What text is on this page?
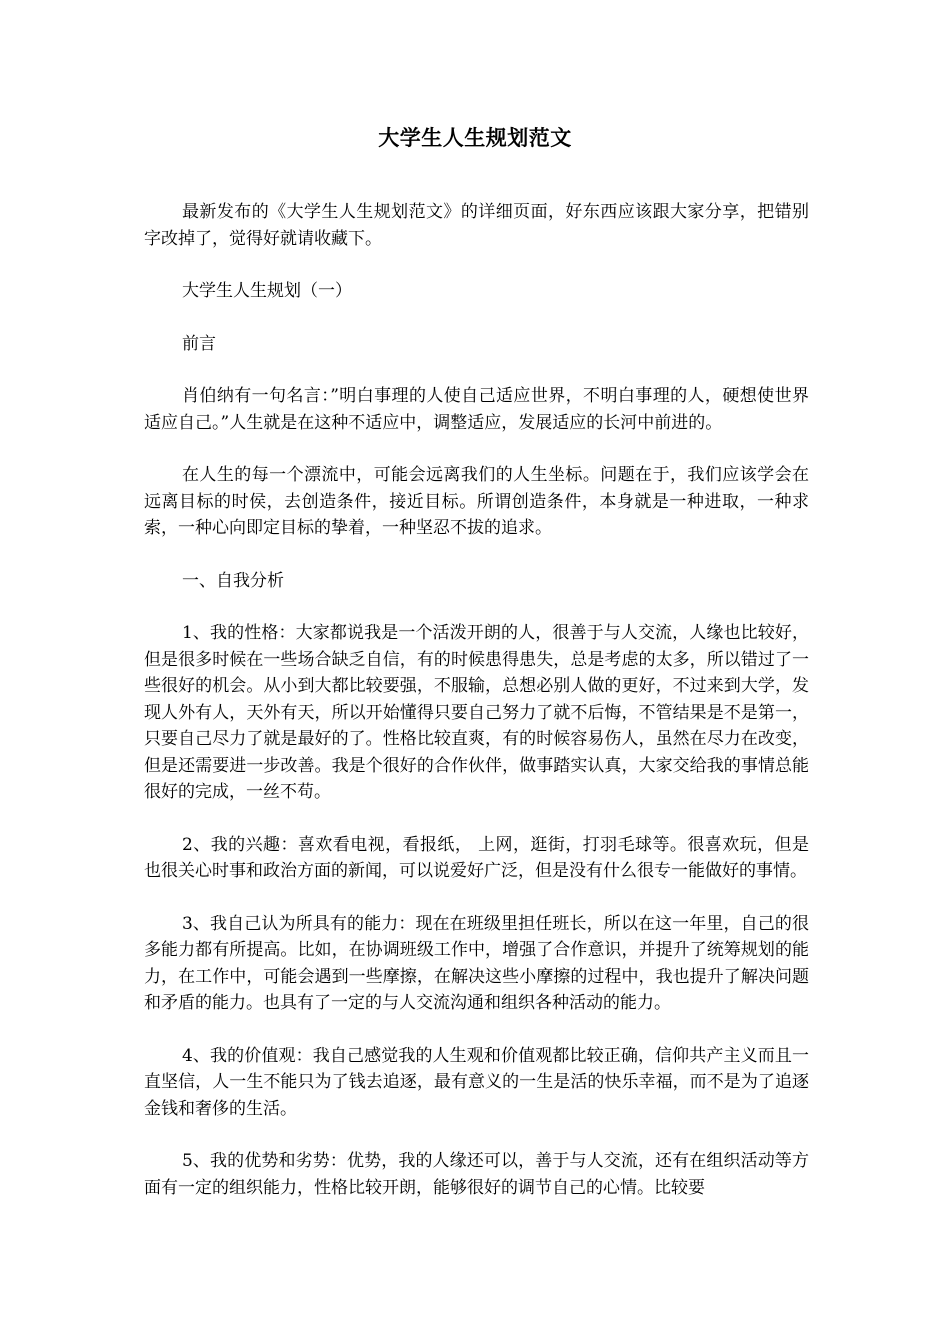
大学生人生规划范文

最新发布的《大学生人生规划范文》的详细页面，好东西应该跟大家分享，把错别字改掉了，觉得好就请收藏下。

大学生人生规划（一）

前言

肖伯纳有一句名言：”明白事理的人使自己适应世界，不明白事理的人，硬想使世界适应自己。”人生就是在这种不适应中，调整适应，发展适应的长河中前进的。

在人生的每一个漂流中，可能会远离我们的人生坐标。问题在于，我们应该学会在远离目标的时侯，去创造条件，接近目标。所谓创造条件，本身就是一种进取，一种求索，一种心向即定目标的挚着，一种坚忍不拔的追求。

一、自我分析

1、我的性格：大家都说我是一个活泼开朗的人，很善于与人交流，人缘也比较好，但是很多时候在一些场合缺乏自信，有的时候患得患失，总是考虑的太多，所以错过了一些很好的机会。从小到大都比较要强，不服输，总想必别人做的更好，不过来到大学，发现人外有人，天外有天，所以开始懂得只要自己努力了就不后悔，不管结果是不是第一，只要自己尽力了就是最好的了。性格比较直爽，有的时候容易伤人，虽然在尽力在改变，但是还需要进一步改善。我是个很好的合作伙伴，做事踏实认真，大家交给我的事情总能很好的完成，一丝不苟。

2、我的兴趣：喜欢看电视，看报纸， 上网，逛街，打羽毛球等。很喜欢玩，但是也很关心时事和政治方面的新闻，可以说爱好广泛，但是没有什么很专一能做好的事情。

3、我自己认为所具有的能力：现在在班级里担任班长，所以在这一年里，自己的很多能力都有所提高。比如，在协调班级工作中，增强了合作意识，并提升了统筹规划的能力，在工作中，可能会遇到一些摩擦，在解决这些小摩擦的过程中，我也提升了解决问题和矛盾的能力。也具有了一定的与人交流沟通和组织各种活动的能力。

4、我的价值观：我自己感觉我的人生观和价值观都比较正确，信仰共产主义而且一直坚信，人一生不能只为了钱去追逐，最有意义的一生是活的快乐幸福，而不是为了追逐金钱和奢侈的生活。

5、我的优势和劣势：优势，我的人缘还可以，善于与人交流，还有在组织活动等方面有一定的组织能力，性格比较开朗，能够很好的调节自己的心情。比较要
